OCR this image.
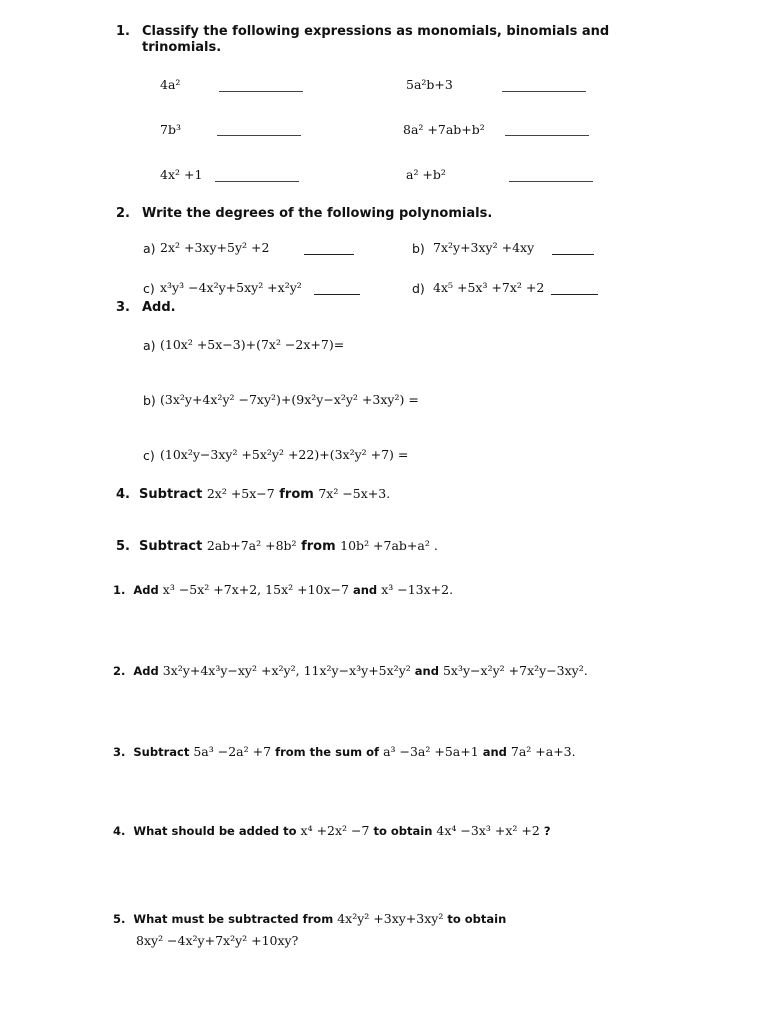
1. Classify the following expressions as monomials, binomials and
trinomials.
4a²	5a²b+3
7b³	8a² +7ab+b²
4x² +1	a² +b²
2. Write the degrees of the following polynomials.
a) 2x² +3xy+5y² +2	b) 7x²y+3xy² +4xy
c) x³y³ −4x²y+5xy² +x²y²	d) 4x⁵ +5x³ +7x² +2
3. Add.
a) (10x² +5x−3)+(7x² −2x+7)=
b) (3x²y+4x²y² −7xy²)+(9x²y−x²y² +3xy²) =
c) (10x²y−3xy² +5x²y² +22)+(3x²y² +7) =
4. Subtract 2x² +5x−7 from 7x² −5x+3.
5. Subtract 2ab+7a² +8b² from 10b² +7ab+a² .
1. Add x³ −5x² +7x+2, 15x² +10x−7 and x³ −13x+2.
2. Add 3x²y+4x³y−xy² +x²y², 11x²y−x³y+5x²y² and 5x³y−x²y² +7x²y−3xy².
3. Subtract 5a³ −2a² +7 from the sum of a³ −3a² +5a+1 and 7a² +a+3.
4. What should be added to x⁴ +2x² −7 to obtain 4x⁴ −3x³ +x² +2 ?
5. What must be subtracted from 4x²y² +3xy+3xy² to obtain
8xy² −4x²y+7x²y² +10xy?
